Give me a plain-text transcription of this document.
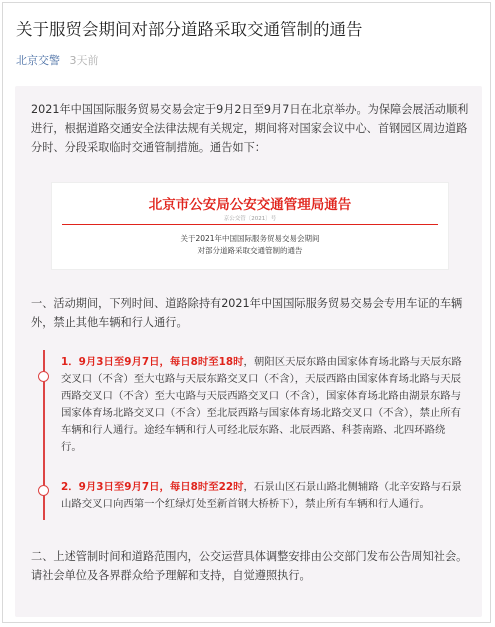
关于服贸会期间对部分道路采取交通管制的通告
北京交警 3天前
2021年中国国际服务贸易交易会定于9月2日至9月7日在北京举办。为保障会展活动顺利进行，根据道路交通安全法律法规有关规定，期间将对国家会议中心、首钢园区周边道路分时、分段采取临时交通管制措施。通告如下：
北京市公安局公安交通管理局通告
京公交管〔2021〕号
关于2021年中国国际服务贸易交易会期间
对部分道路采取交通管制的通告
一、活动期间，下列时间、道路除持有2021年中国国际服务贸易交易会专用车证的车辆外，禁止其他车辆和行人通行。
1．9月3日至9月7日，每日8时至18时，朝阳区天辰东路由国家体育场北路与天辰东路交叉口（不含）至大屯路与天辰东路交叉口（不含），天辰西路由国家体育场北路与天辰西路交叉口（不含）至大屯路与天辰西路交叉口（不含），国家体育场北路由湖景东路与国家体育场北路交叉口（不含）至北辰西路与国家体育场北路交叉口（不含），禁止所有车辆和行人通行。途经车辆和行人可经北辰东路、北辰西路、科荟南路、北四环路绕行。
2．9月3日至9月7日，每日8时至22时，石景山区石景山路北侧辅路（北辛安路与石景山路交叉口向西第一个红绿灯处至新首钢大桥桥下），禁止所有车辆和行人通行。
二、上述管制时间和道路范围内，公交运营具体调整安排由公交部门发布公告周知社会。请社会单位及各界群众给予理解和支持，自觉遵照执行。
